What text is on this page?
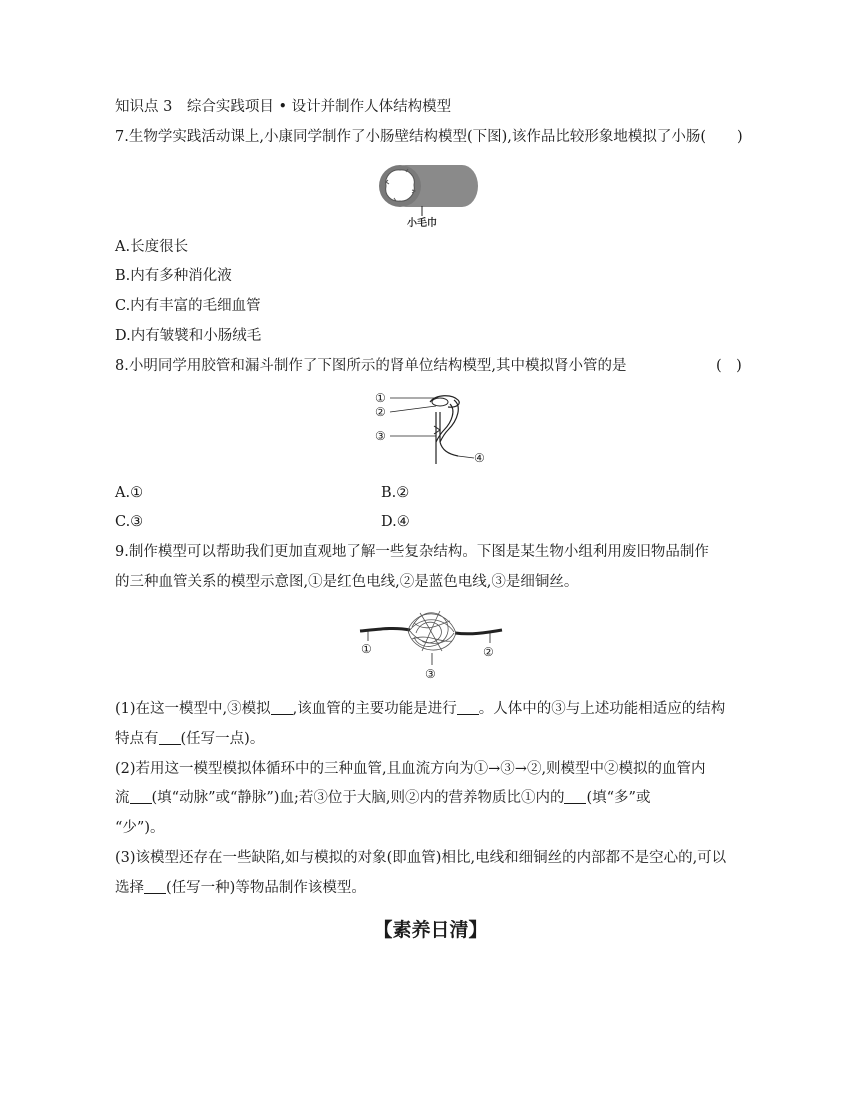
知识点 3　综合实践项目 • 设计并制作人体结构模型
7.生物学实践活动课上,小康同学制作了小肠壁结构模型(下图),该作品比较形象地模拟了小肠( )
小毛巾
A.长度很长
B.内有多种消化液
C.内有丰富的毛细血管
D.内有皱襞和小肠绒毛
8.小明同学用胶管和漏斗制作了下图所示的肾单位结构模型,其中模拟肾小管的是	(　)
①
②
③
④
A.①	B.②
C.③	D.④
9.制作模型可以帮助我们更加直观地了解一些复杂结构。下图是某生物小组利用废旧物品制作
的三种血管关系的模型示意图,①是红色电线,②是蓝色电线,③是细铜丝。
①	②
③
(1)在这一模型中,③模拟 ,该血管的主要功能是进行 。人体中的③与上述功能相适应的结构
特点有 (任写一点)。
(2)若用这一模型模拟体循环中的三种血管,且血流方向为①→③→②,则模型中②模拟的血管内
流 (填“动脉”或“静脉”)血;若③位于大脑,则②内的营养物质比①内的 (填“多”或
“少”)。
(3)该模型还存在一些缺陷,如与模拟的对象(即血管)相比,电线和细铜丝的内部都不是空心的,可以
选择 (任写一种)等物品制作该模型。
【素养日清】
